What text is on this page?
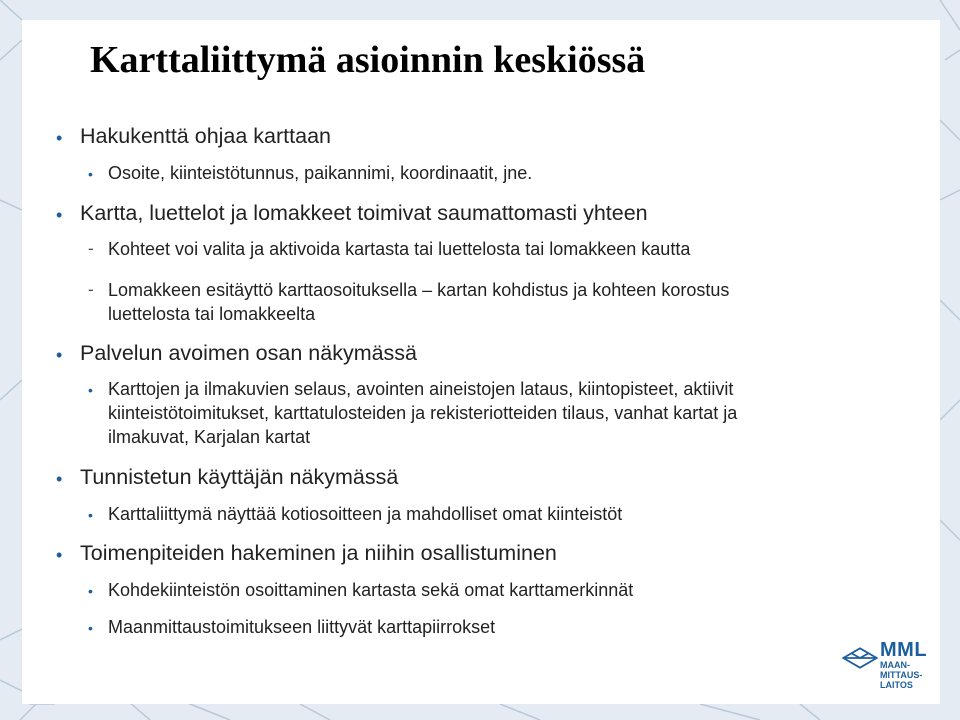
Karttaliittymä asioinnin keskiössä
• Hakukenttä ohjaa karttaan
• Osoite, kiinteistötunnus, paikannimi, koordinaatit, jne.
• Kartta, luettelot ja lomakkeet toimivat saumattomasti yhteen
- Kohteet voi valita ja aktivoida kartasta tai luettelosta tai lomakkeen kautta
- Lomakkeen esitäyttö karttaosoituksella – kartan kohdistus ja kohteen korostus
luettelosta tai lomakkeelta
• Palvelun avoimen osan näkymässä
• Karttojen ja ilmakuvien selaus, avointen aineistojen lataus, kiintopisteet, aktiivit
kiinteistötoimitukset, karttatulosteiden ja rekisteriotteiden tilaus, vanhat kartat ja
ilmakuvat, Karjalan kartat
• Tunnistetun käyttäjän näkymässä
• Karttaliittymä näyttää kotiosoitteen ja mahdolliset omat kiinteistöt
• Toimenpiteiden hakeminen ja niihin osallistuminen
• Kohdekiinteistön osoittaminen kartasta sekä omat karttamerkinnät
• Maanmittaustoimitukseen liittyvät karttapiirrokset
MML
MAAN-
MITTAUS-
LAITOS
